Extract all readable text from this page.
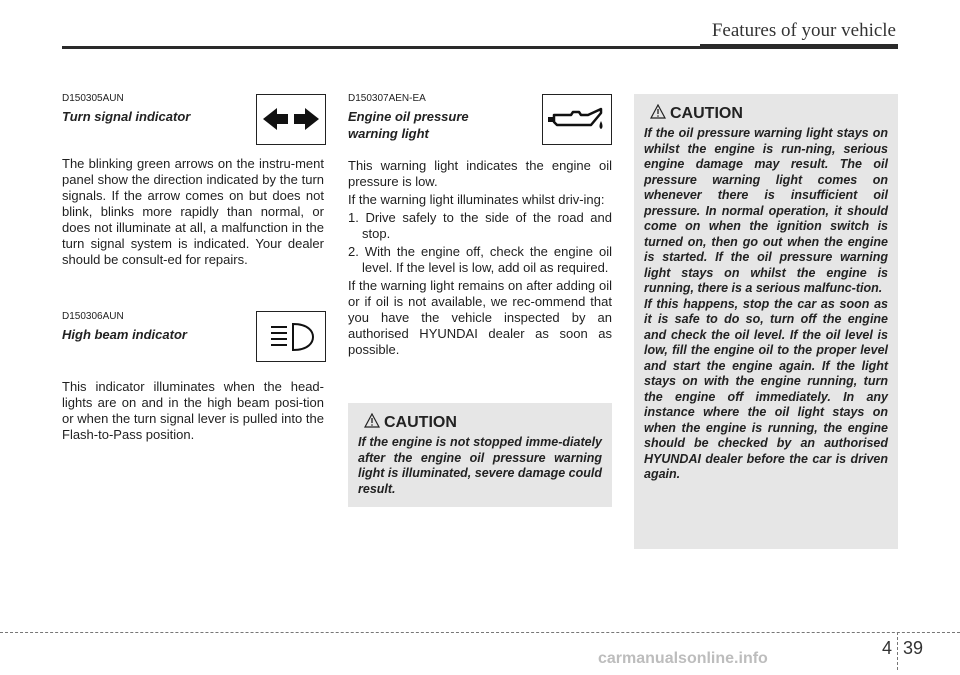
Features of your vehicle
D150305AUN
Turn signal indicator
The blinking green arrows on the instru-ment panel show the direction indicated by the turn signals. If the arrow comes on but does not blink, blinks more rapidly than normal, or does not illuminate at all, a malfunction in the turn signal system is indicated. Your dealer should be consult-ed for repairs.
D150306AUN
High beam indicator
This indicator illuminates when the head-lights are on and in the high beam posi-tion or when the turn signal lever is pulled into the Flash-to-Pass position.
D150307AEN-EA
Engine oil pressure
warning light

This warning light indicates the engine oil pressure is low.

If the warning light illuminates whilst driv-ing:

1. Drive safely to the side of the road and stop.

2. With the engine off, check the engine oil level. If the level is low, add oil as required.

If the warning light remains on after adding oil or if oil is not available, we rec-ommend that you have the vehicle inspected by an authorised HYUNDAI dealer as soon as possible.

CAUTION
If the engine is not stopped imme-diately after the engine oil pressure warning light is illuminated, severe damage could result.
CAUTION
If the oil pressure warning light stays on whilst the engine is run-ning, serious engine damage may result. The oil pressure warning light comes on whenever there is insufficient oil pressure. In normal operation, it should come on when the ignition switch is turned on, then go out when the engine is started. If the oil pressure warning light stays on whilst the engine is running, there is a serious malfunc-tion.
If this happens, stop the car as soon as it is safe to do so, turn off the engine and check the oil level. If the oil level is low, fill the engine oil to the proper level and start the engine again. If the light stays on with the engine running, turn the engine off immediately. In any instance where the oil light stays on when the engine is running, the engine should be checked by an authorised HYUNDAI dealer before the car is driven again.
4 39
carmanualsonline.info
